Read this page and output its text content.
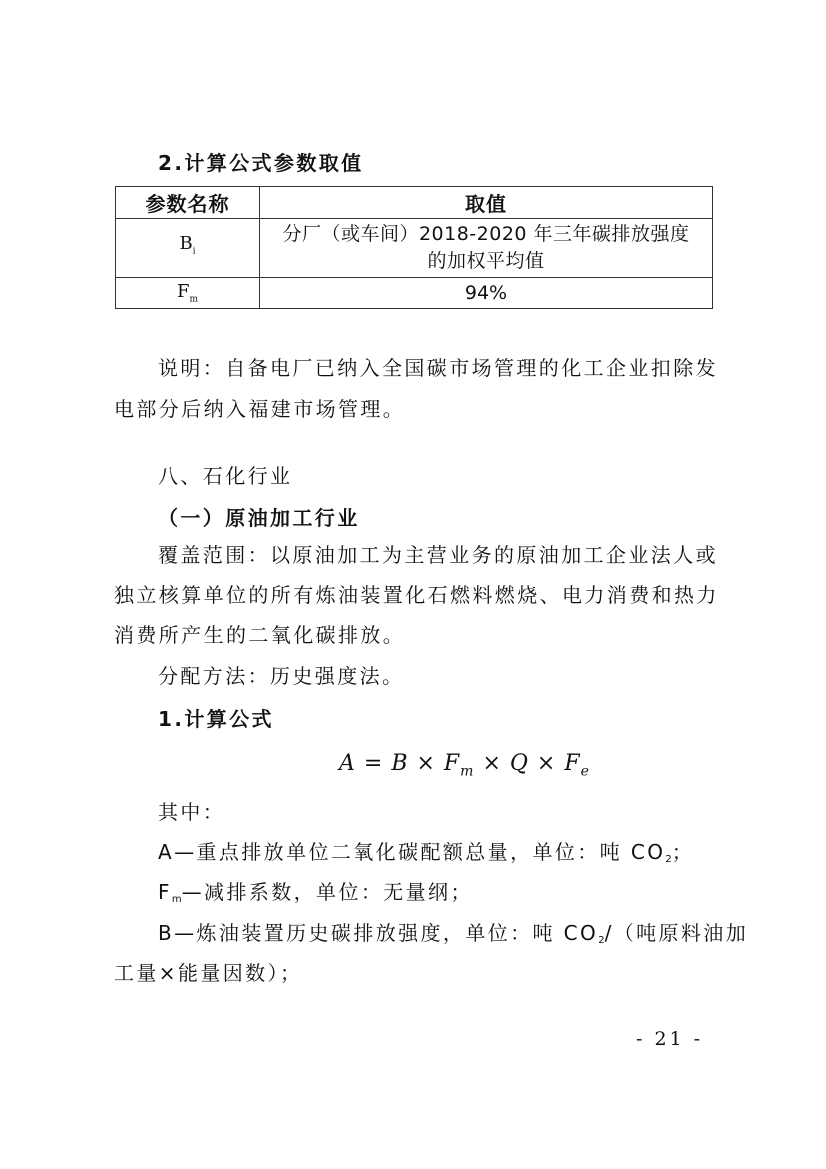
2.计算公式参数取值
参数名称	取值
$B_i$	分厂（或车间）2018-2020 年三年碳排放强度
的加权平均值

$F_m$	94%
说明：自备电厂已纳入全国碳市场管理的化工企业扣除发
电部分后纳入福建市场管理。
八、石化行业
（一）原油加工行业
覆盖范围：以原油加工为主营业务的原油加工企业法人或
独立核算单位的所有炼油装置化石燃料燃烧、电力消费和热力
消费所产生的二氧化碳排放。
分配方法：历史强度法。
1.计算公式
$A = B \times F_m \times Q \times F_e$
其中：
A—重点排放单位二氧化碳配额总量，单位：吨 $CO_2$；
$F_m—$减排系数，单位：无量纲；
B—炼油装置历史碳排放强度，单位：吨 $CO_2/$（吨原料油加
工量×能量因数）；
- 21 -
